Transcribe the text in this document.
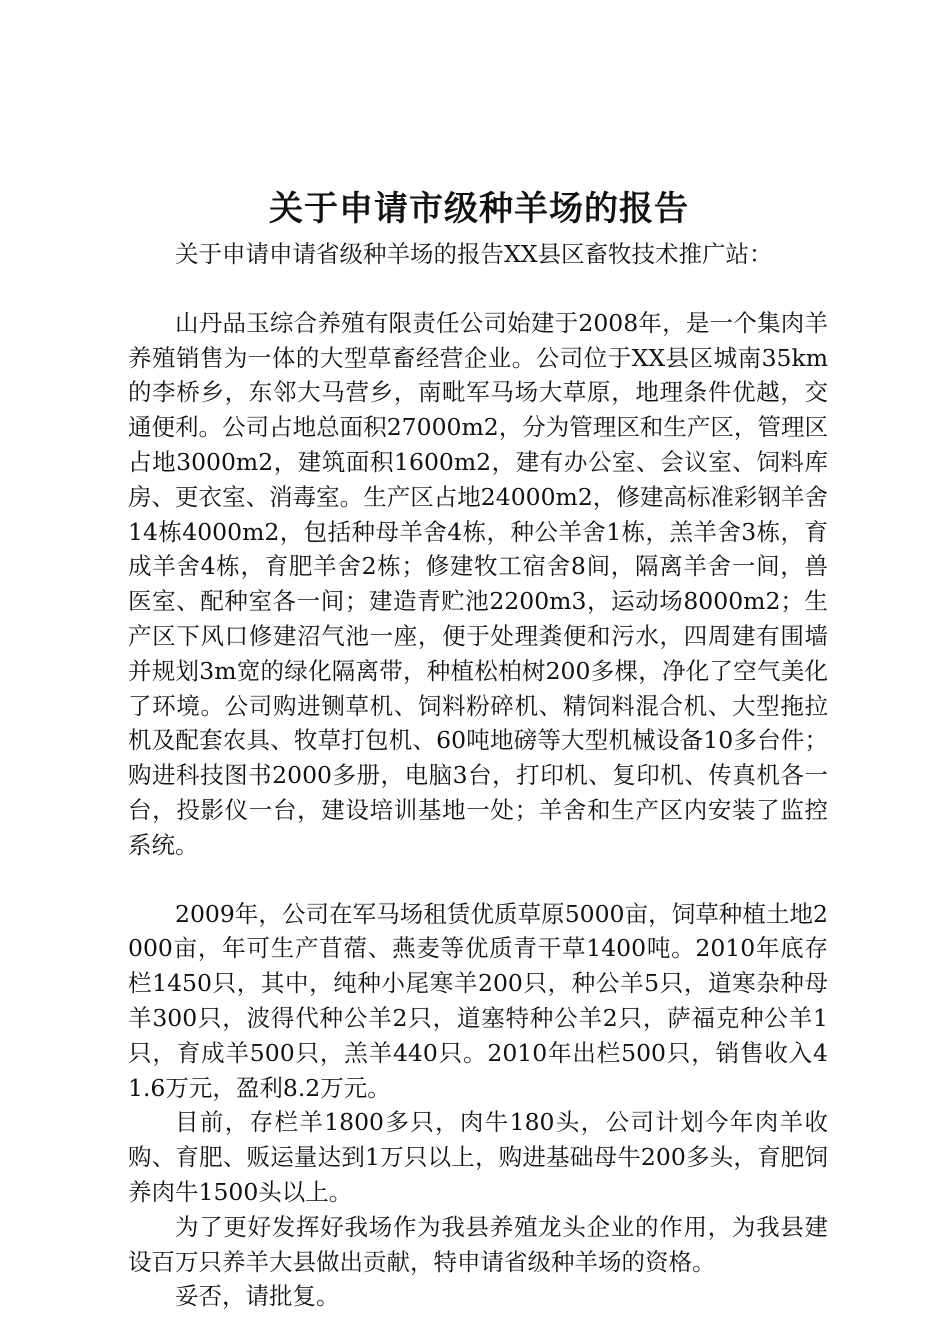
关于申请市级种羊场的报告

关于申请申请省级种羊场的报告XX县区畜牧技术推广站：

山丹品玉综合养殖有限责任公司始建于2008年，是一个集肉羊养殖销售为一体的大型草畜经营企业。公司位于XX县区城南35km的李桥乡，东邻大马营乡，南毗军马场大草原，地理条件优越，交通便利。公司占地总面积27000m2，分为管理区和生产区，管理区占地3000m2，建筑面积1600m2，建有办公室、会议室、饲料库房、更衣室、消毒室。生产区占地24000m2，修建高标准彩钢羊舍14栋4000m2，包括种母羊舍4栋，种公羊舍1栋，羔羊舍3栋，育成羊舍4栋，育肥羊舍2栋；修建牧工宿舍8间，隔离羊舍一间，兽医室、配种室各一间；建造青贮池2200m3，运动场8000m2；生产区下风口修建沼气池一座，便于处理粪便和污水，四周建有围墙并规划3m宽的绿化隔离带，种植松柏树200多棵，净化了空气美化了环境。公司购进铡草机、饲料粉碎机、精饲料混合机、大型拖拉机及配套农具、牧草打包机、60吨地磅等大型机械设备10多台件；购进科技图书2000多册，电脑3台，打印机、复印机、传真机各一台，投影仪一台，建设培训基地一处；羊舍和生产区内安装了监控系统。

2009年，公司在军马场租赁优质草原5000亩，饲草种植土地2000亩，年可生产苜蓿、燕麦等优质青干草1400吨。2010年底存栏1450只，其中，纯种小尾寒羊200只，种公羊5只，道寒杂种母羊300只，波得代种公羊2只，道塞特种公羊2只，萨福克种公羊1只，育成羊500只，羔羊440只。2010年出栏500只，销售收入41.6万元，盈利8.2万元。

目前，存栏羊1800多只，肉牛180头，公司计划今年肉羊收购、育肥、贩运量达到1万只以上，购进基础母牛200多头，育肥饲养肉牛1500头以上。

为了更好发挥好我场作为我县养殖龙头企业的作用，为我县建设百万只养羊大县做出贡献，特申请省级种羊场的资格。

妥否，请批复。
